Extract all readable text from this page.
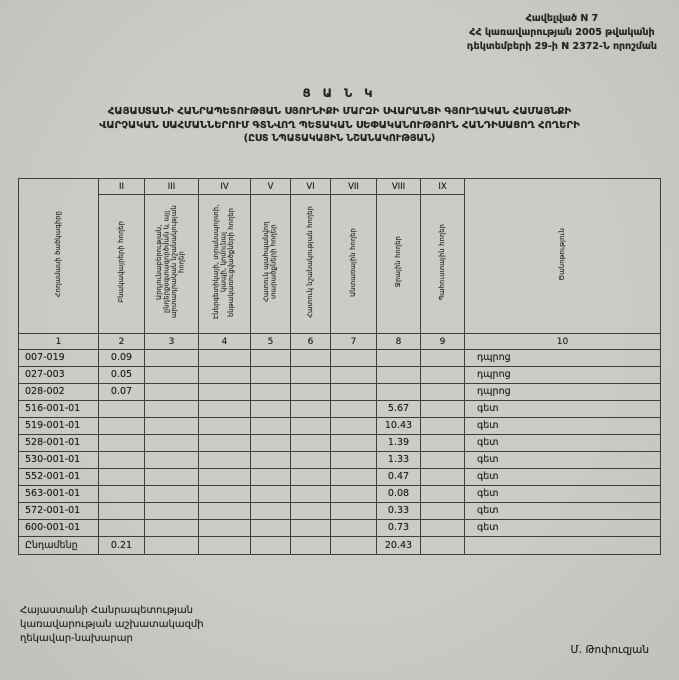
Հավելված N 7
ՀՀ կառավարության 2005 թվականի
դեկտեմբերի 29-ի N 2372-Ն որոշման
Ց Ա Ն Կ
ՀԱՅԱՍՏԱՆԻ ՀԱՆՐԱՊԵՏՈՒԹՅԱՆ ՍՅՈՒՆԻՔԻ ՄԱՐԶԻ ՍՎԱՐԱՆՑԻ ԳՅՈՒՂԱԿԱՆ ՀԱՄԱՅՆՔԻ
ՎԱՐՉԱԿԱՆ ՍԱՀՄԱՆՆԵՐՈՒՄ ԳՏՆՎՈՂ ՊԵՏԱԿԱՆ ՍԵՓԱԿԱՆՈՒԹՅՈՒՆ ՀԱՆԴԻՍԱՑՈՂ ՀՈՂԵՐԻ
(ԸՍՏ ՆՊԱՏԱԿԱՅԻՆ ՆՇԱՆԱԿՈՒԹՅԱՆ)
Հողամասի ծածկագիրը	II	III	IV	V	VI	VII	VIII	IX	Ծանոթություն
	Բնակավայրերի հողեր	Արդյունաբերության, ընդերքօգտագործման և այլ արտադրական նշանակության հողեր	Էներգետիկայի, տրանսպորտի, կապի, կոմունալ ենթակառուցվածքների հողեր	Հատուկ պահպանվող տարածքների հողեր	Հատուկ նշանակության հողեր	Անտառային հողեր	Ջրային հողեր	Պահուստային հողեր	
1	2	3	4	5	6	7	8	9	10
007-019	0.09								դպրոց
027-003	0.05								դպրոց
028-002	0.07								դպրոց
516-001-01							5.67		գետ
519-001-01							10.43		գետ
528-001-01							1.39		գետ
530-001-01							1.33		գետ
552-001-01							0.47		գետ
563-001-01							0.08		գետ
572-001-01							0.33		գետ
600-001-01							0.73		գետ
Ընդամենը	0.21						20.43		
Հայաստանի Հանրապետության
կառավարության աշխատակազմի
ղեկավար-նախարար
Մ. Թոփուզյան
